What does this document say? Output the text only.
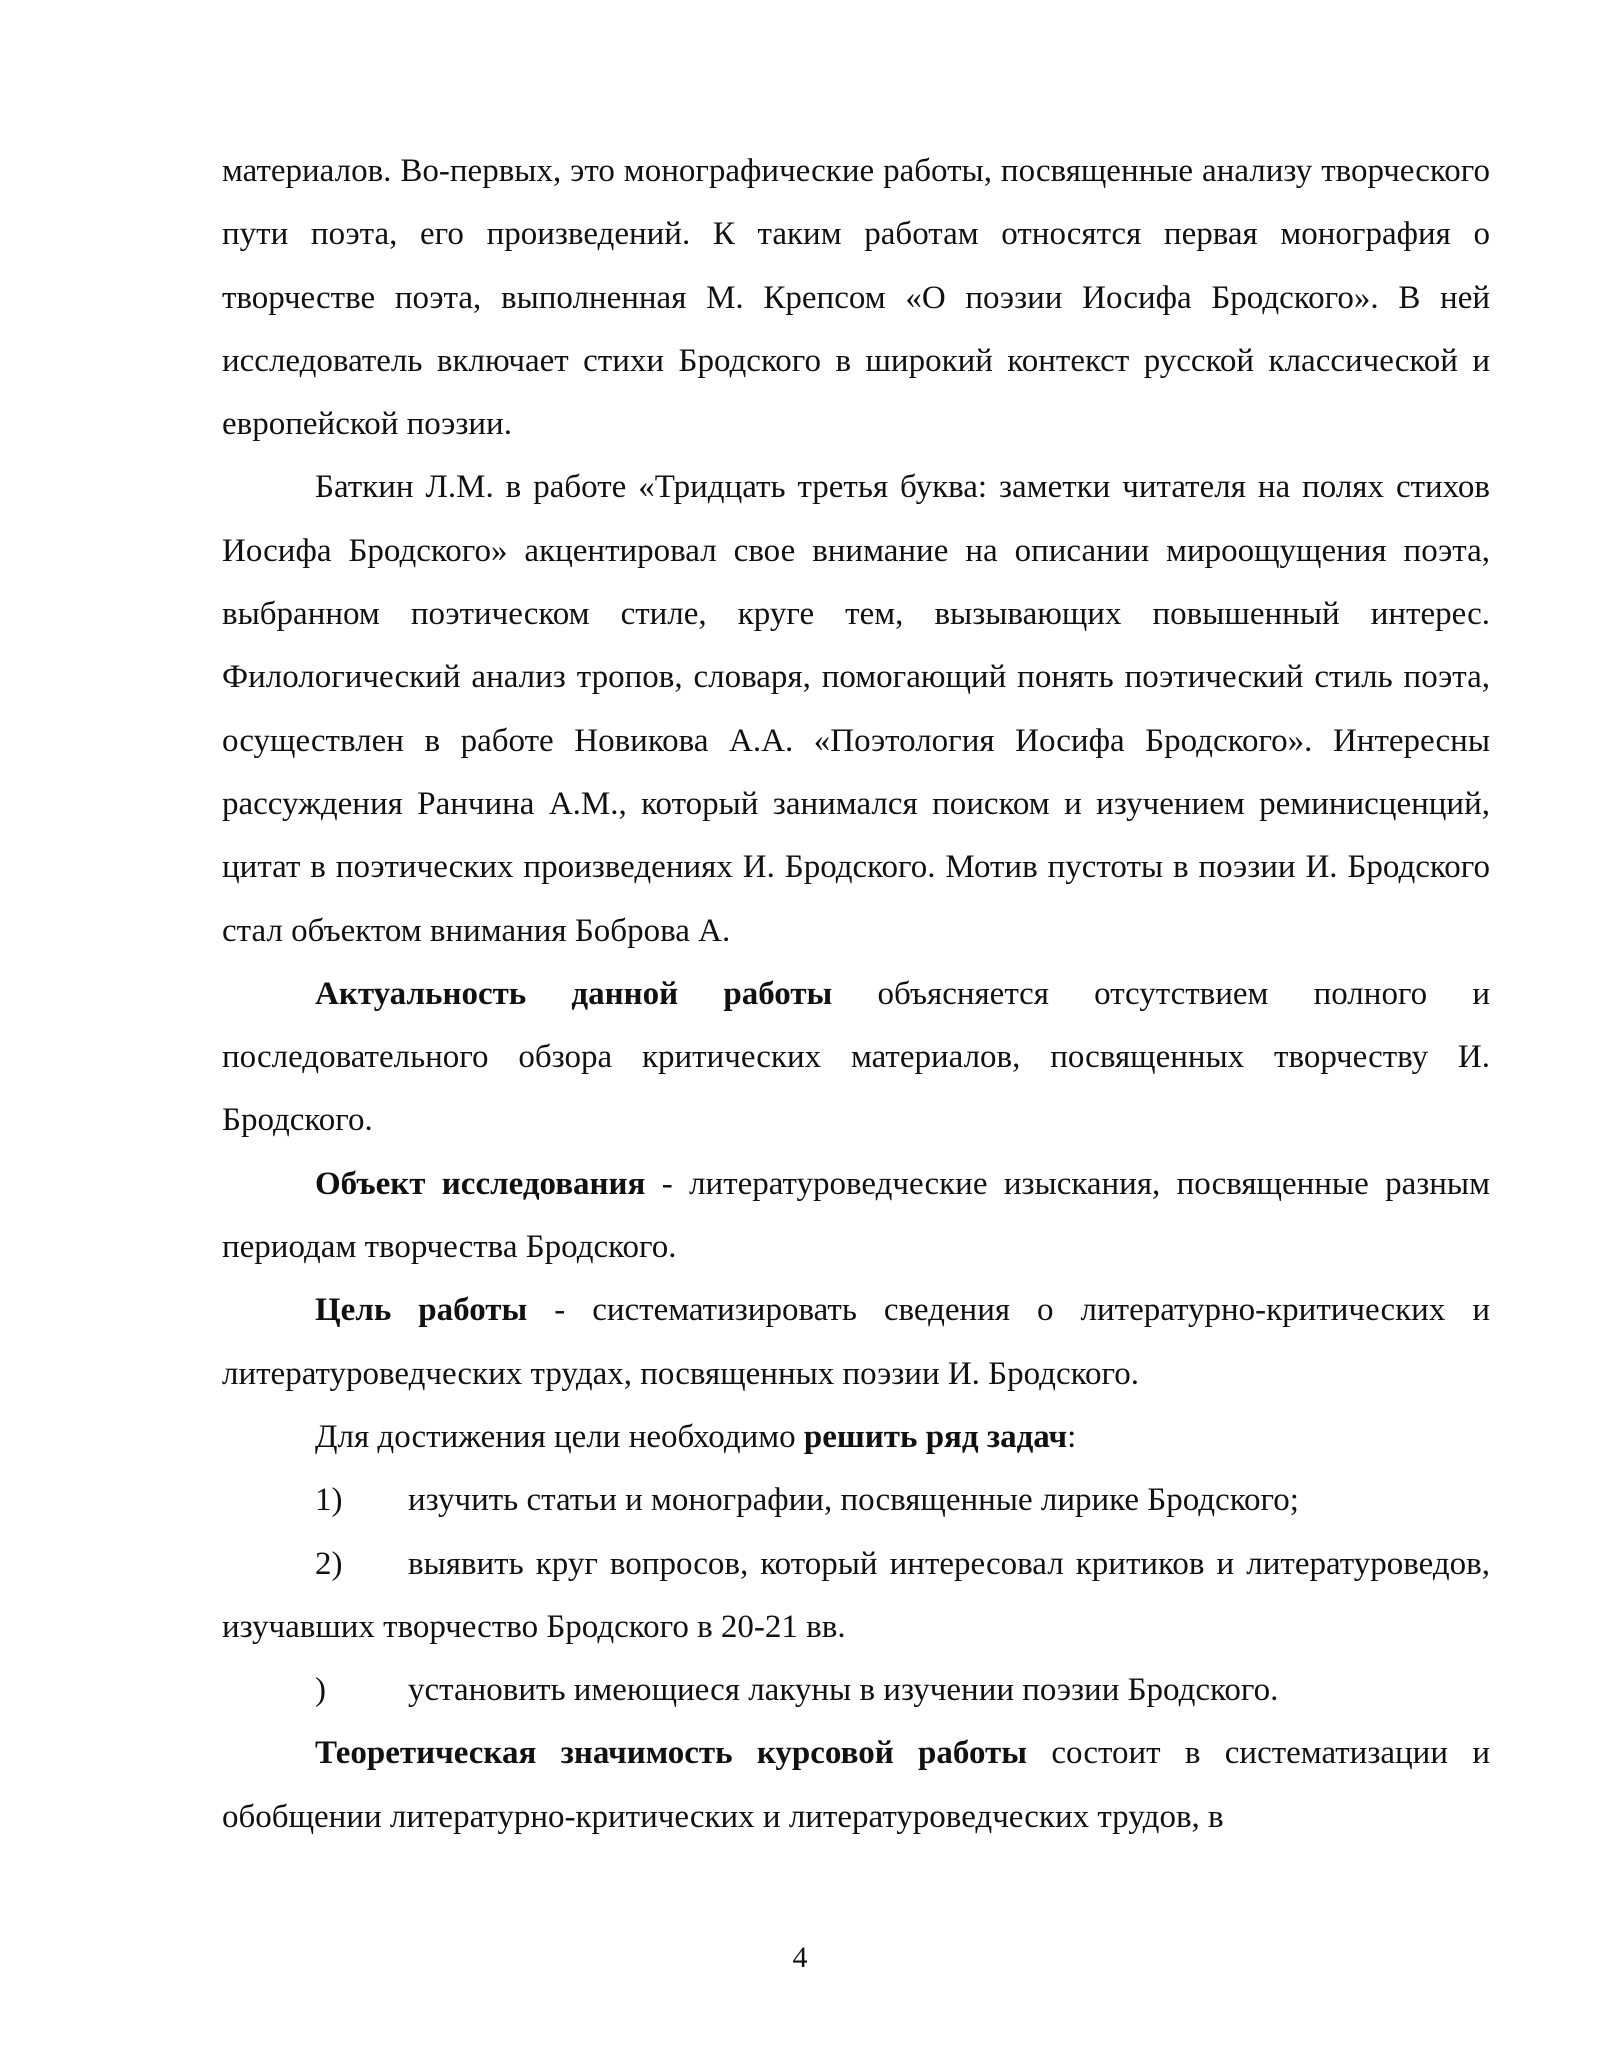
материалов. Во-первых, это монографические работы, посвященные анализу творческого пути поэта, его произведений. К таким работам относятся первая монография о творчестве поэта, выполненная М. Крепсом «О поэзии Иосифа Бродского». В ней исследователь включает стихи Бродского в широкий контекст русской классической и европейской поэзии.

Баткин Л.М. в работе «Тридцать третья буква: заметки читателя на полях стихов Иосифа Бродского» акцентировал свое внимание на описании мироощущения поэта, выбранном поэтическом стиле, круге тем, вызывающих повышенный интерес. Филологический анализ тропов, словаря, помогающий понять поэтический стиль поэта, осуществлен в работе Новикова А.А. «Поэтология Иосифа Бродского». Интересны рассуждения Ранчина А.М., который занимался поиском и изучением реминисценций, цитат в поэтических произведениях И. Бродского. Мотив пустоты в поэзии И. Бродского стал объектом внимания Боброва А.

Актуальность данной работы объясняется отсутствием полного и последовательного обзора критических материалов, посвященных творчеству И. Бродского.

Объект исследования - литературоведческие изыскания, посвященные разным периодам творчества Бродского.

Цель работы - систематизировать сведения о литературно-критических и литературоведческих трудах, посвященных поэзии И. Бродского.

Для достижения цели необходимо решить ряд задач:

1) изучить статьи и монографии, посвященные лирике Бродского;

2) выявить круг вопросов, который интересовал критиков и литературоведов, изучавших творчество Бродского в 20-21 вв.

) установить имеющиеся лакуны в изучении поэзии Бродского.

Теоретическая значимость курсовой работы состоит в систематизации и обобщении литературно-критических и литературоведческих трудов, в

4
